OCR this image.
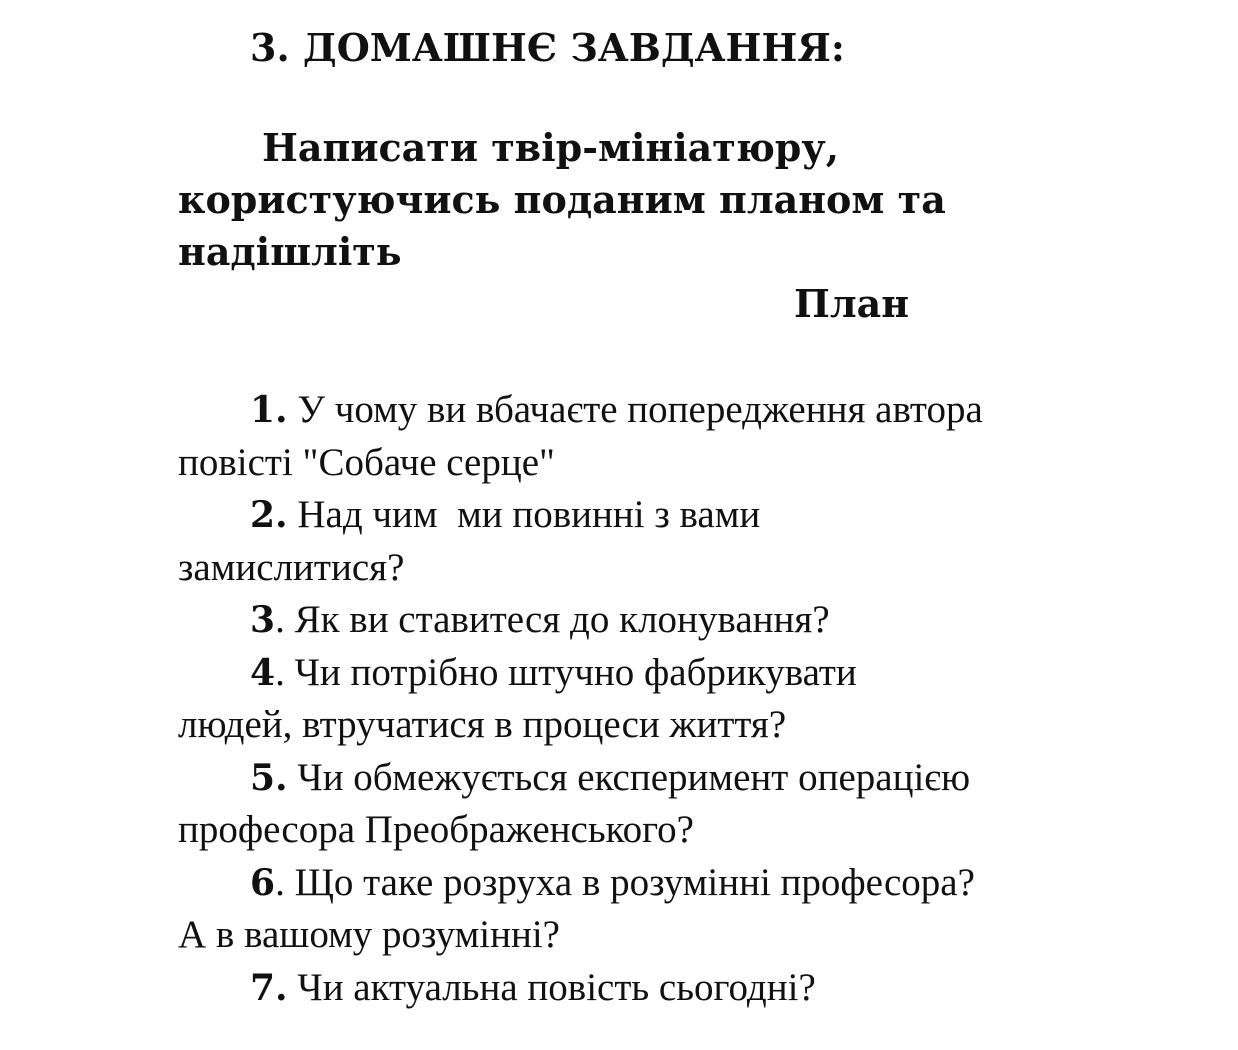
3. ДОМАШНЄ ЗАВДАННЯ:

Написати твір-мініатюру,
користуючись поданим планом та
надішліть

План
1. У чому ви вбачаєте попередження автора
повісті "Собаче серце"
2. Над чим  ми повинні з вами
замислитися?
3. Як ви ставитеся до клонування?
4. Чи потрібно штучно фабрикувати
людей, втручатися в процеси життя?
5. Чи обмежується експеримент операцією
професора Преображенського?
6. Що таке розруха в розумінні професора?
А в вашому розумінні?
7. Чи актуальна повість сьогодні?
